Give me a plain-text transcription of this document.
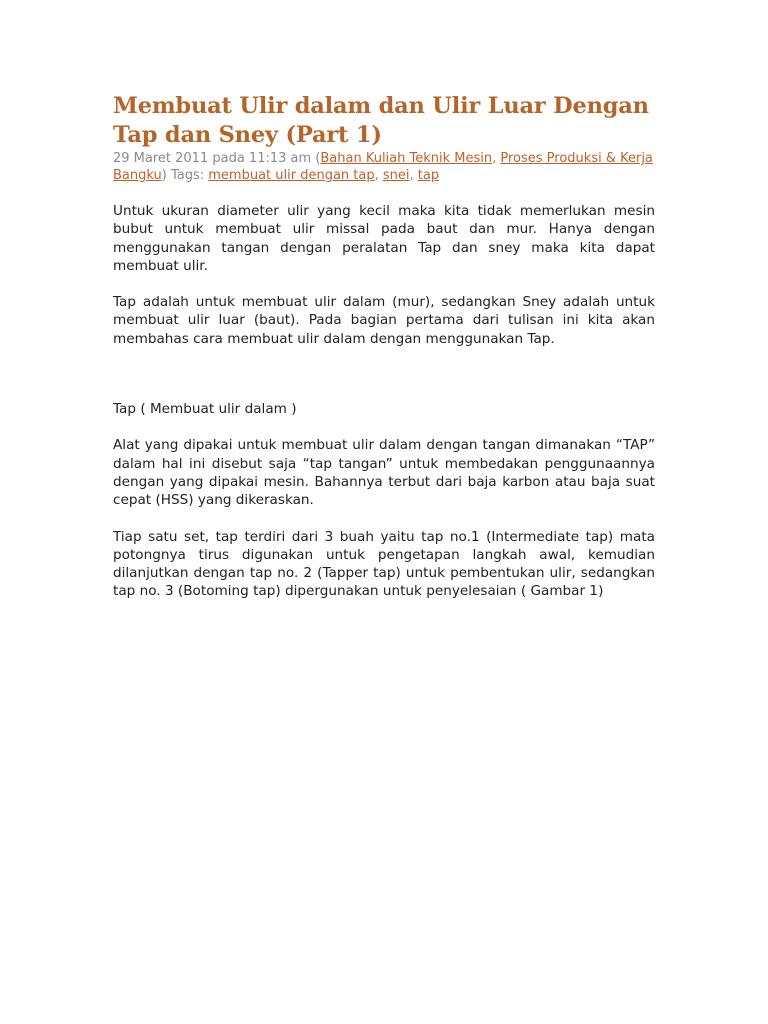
Membuat Ulir dalam dan Ulir Luar Dengan Tap dan Sney (Part 1)

29 Maret 2011 pada 11:13 am (Bahan Kuliah Teknik Mesin, Proses Produksi & Kerja Bangku) Tags: membuat ulir dengan tap, snei, tap

Untuk ukuran diameter ulir yang kecil maka kita tidak memerlukan mesin bubut untuk membuat ulir missal pada baut dan mur. Hanya dengan menggunakan tangan dengan peralatan Tap dan sney maka kita dapat membuat ulir.

Tap adalah untuk membuat ulir dalam (mur), sedangkan Sney adalah untuk membuat ulir luar (baut). Pada bagian pertama dari tulisan ini kita akan membahas cara membuat ulir dalam dengan menggunakan Tap.

Tap ( Membuat ulir dalam )

Alat yang dipakai untuk membuat ulir dalam dengan tangan dimanakan “TAP” dalam hal ini disebut saja “tap tangan” untuk membedakan penggunaannya dengan yang dipakai mesin. Bahannya terbut dari baja karbon atau baja suat cepat (HSS) yang dikeraskan.

Tiap satu set, tap terdiri dari 3 buah yaitu tap no.1 (Intermediate tap) mata potongnya tirus digunakan untuk pengetapan langkah awal, kemudian dilanjutkan dengan tap no. 2 (Tapper tap) untuk pembentukan ulir, sedangkan tap no. 3 (Botoming tap) dipergunakan untuk penyelesaian ( Gambar 1)
